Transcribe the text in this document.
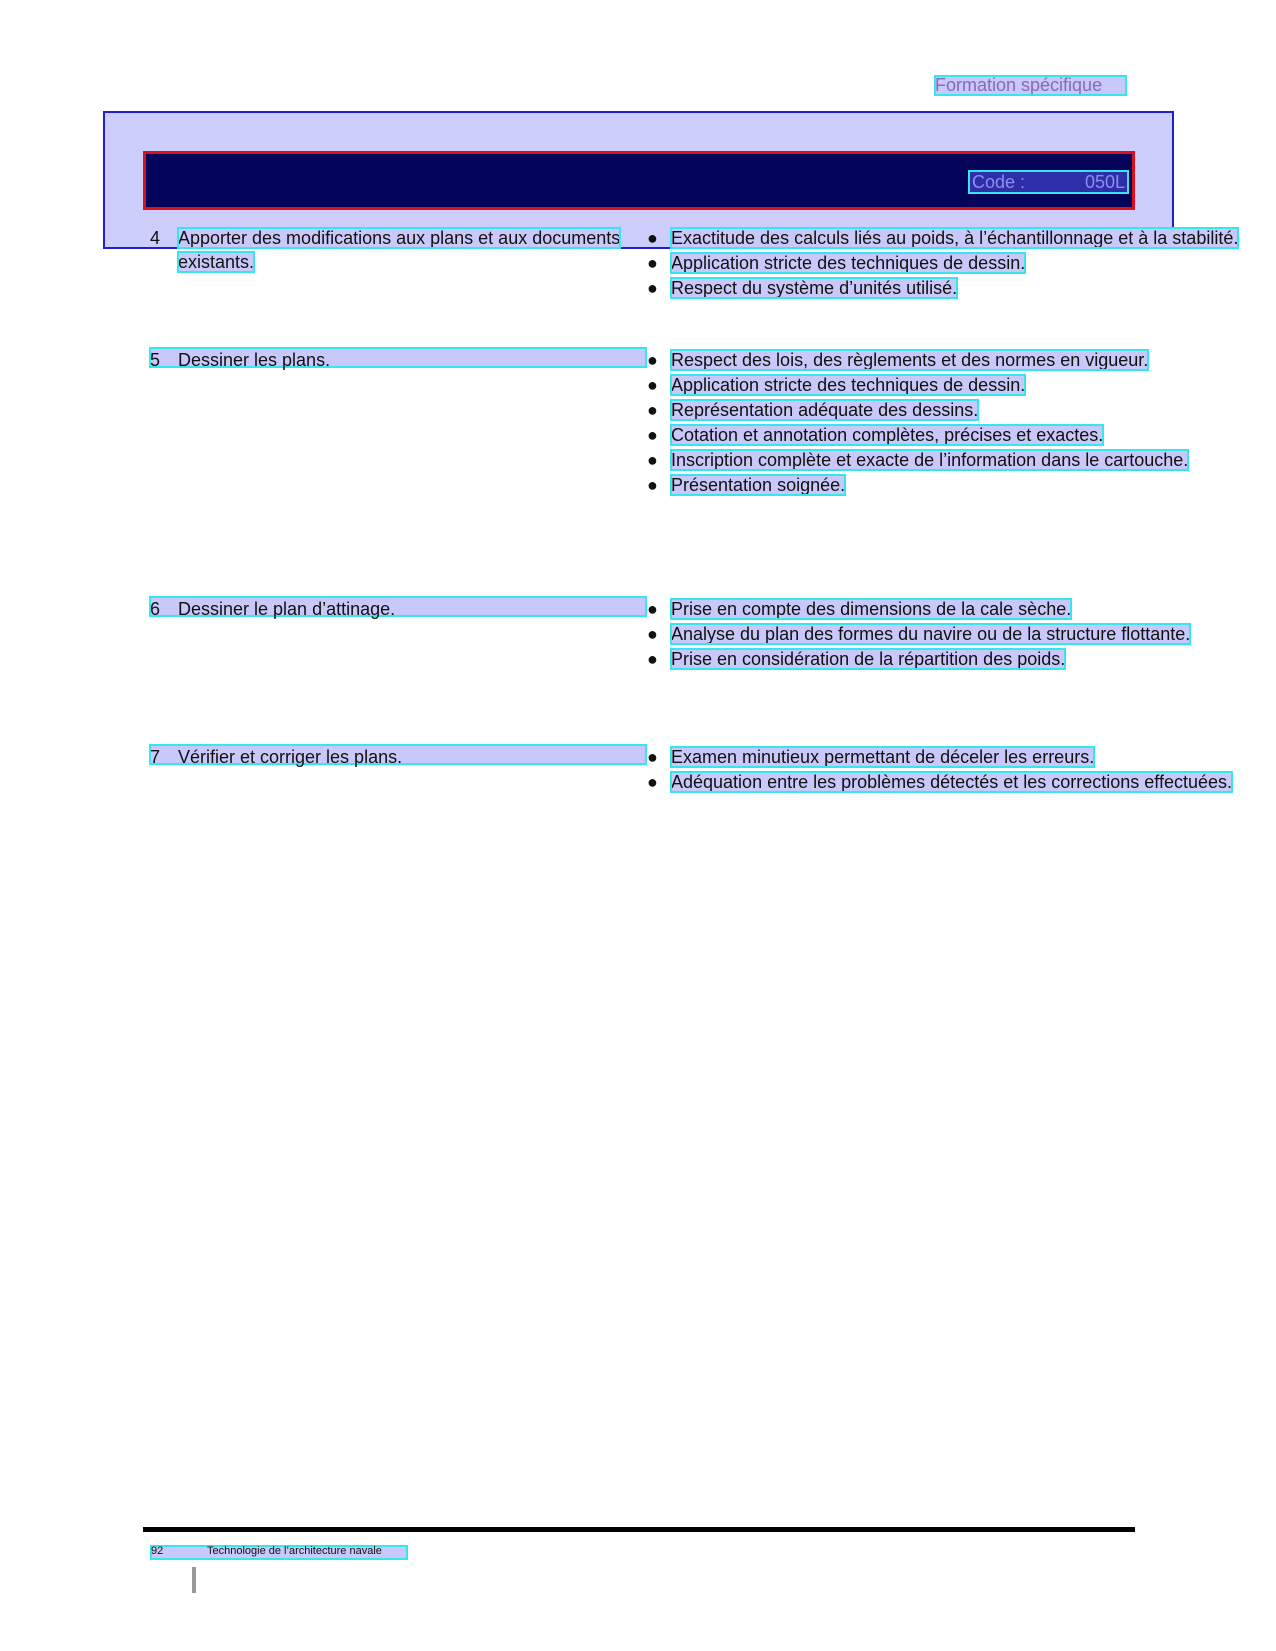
Formation spécifique
Code :	050L
4 Apporter des modifications aux plans et aux documents existants.
● Exactitude des calculs liés au poids, à l’échantillonnage et à la stabilité.
● Application stricte des techniques de dessin.
● Respect du système d’unités utilisé.
5 Dessiner les plans.	● Respect des lois, des règlements et des normes en vigueur.
● Application stricte des techniques de dessin.
● Représentation adéquate des dessins.
● Cotation et annotation complètes, précises et exactes.
● Inscription complète et exacte de l’information dans le cartouche.
● Présentation soignée.
6 Dessiner le plan d’attinage.	● Prise en compte des dimensions de la cale sèche.
● Analyse du plan des formes du navire ou de la structure flottante.
● Prise en considération de la répartition des poids.
7 Vérifier et corriger les plans.	● Examen minutieux permettant de déceler les erreurs.
● Adéquation entre les problèmes détectés et les corrections effectuées.
92	Technologie de l’architecture navale
